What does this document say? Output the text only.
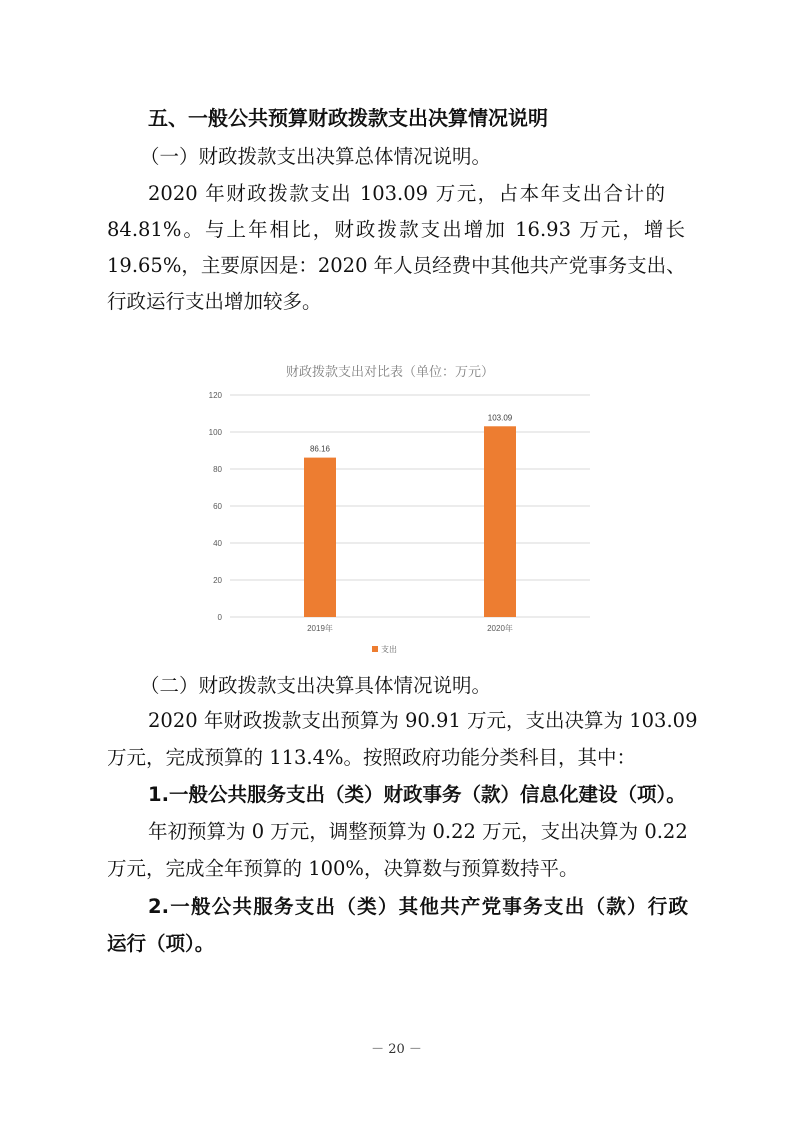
五、一般公共预算财政拨款支出决算情况说明

（一）财政拨款支出决算总体情况说明。

2020 年财政拨款支出 103.09 万元，占本年支出合计的

84.81%。与上年相比，财政拨款支出增加 16.93 万元，增长

19.65%，主要原因是：2020 年人员经费中其他共产党事务支出、

行政运行支出增加较多。

财政拨款支出对比表（单位：万元）
0
20
40
60
80
100
120
86.16
103.09
2019年	2020年
支出

（二）财政拨款支出决算具体情况说明。

2020 年财政拨款支出预算为 90.91 万元，支出决算为 103.09

万元，完成预算的 113.4%。按照政府功能分类科目，其中：

1.一般公共服务支出（类）财政事务（款）信息化建设（项）。

年初预算为 0 万元，调整预算为 0.22 万元，支出决算为 0.22

万元，完成全年预算的 100%，决算数与预算数持平。

2.一般公共服务支出（类）其他共产党事务支出（款）行政

运行（项）。

－ 20 －
